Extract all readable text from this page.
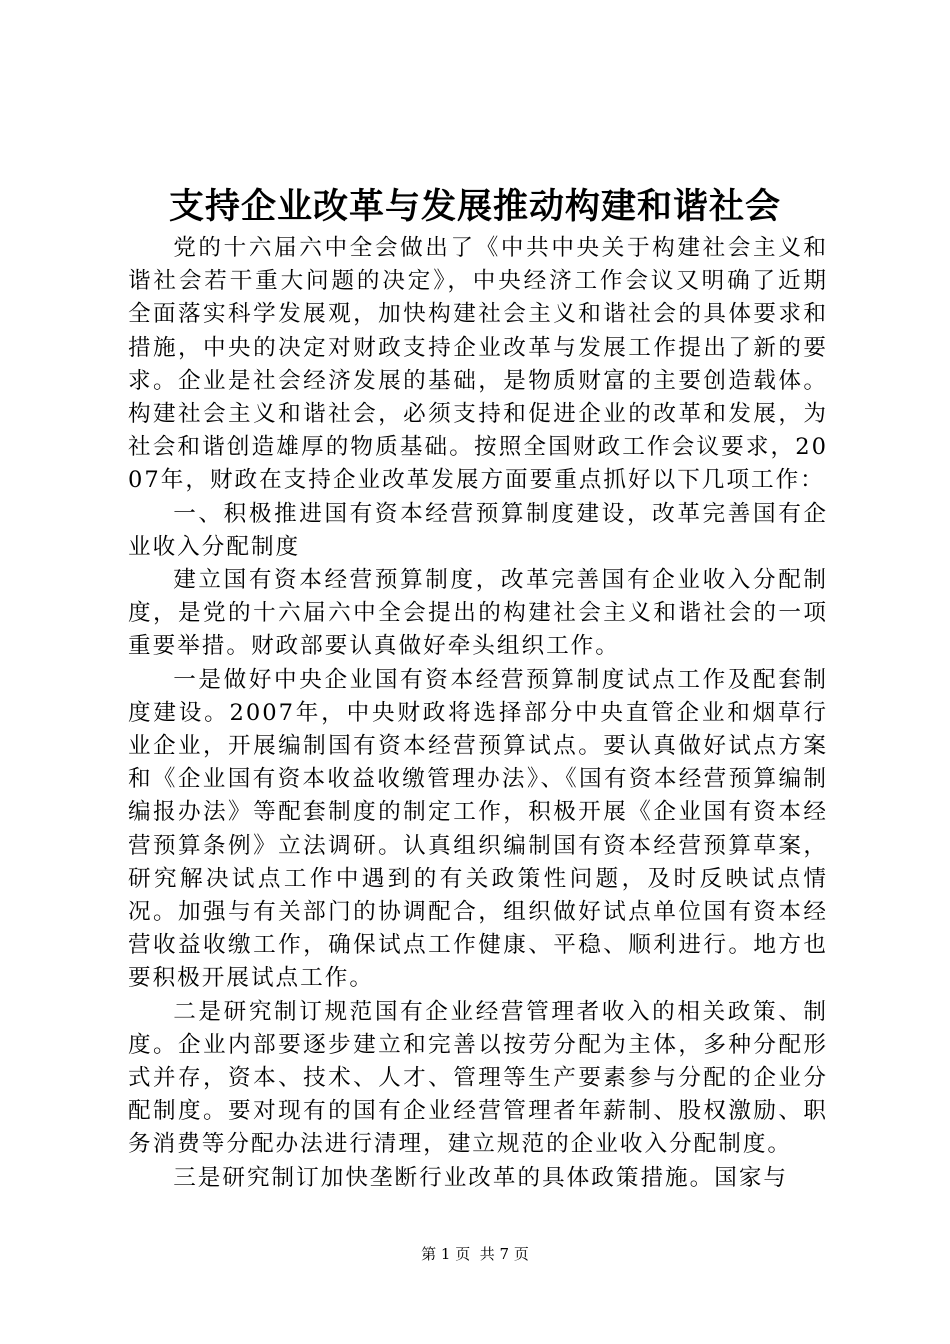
支持企业改革与发展推动构建和谐社会

党的十六届六中全会做出了《中共中央关于构建社会主义和谐社会若干重大问题的决定》，中央经济工作会议又明确了近期全面落实科学发展观，加快构建社会主义和谐社会的具体要求和措施，中央的决定对财政支持企业改革与发展工作提出了新的要求。企业是社会经济发展的基础，是物质财富的主要创造载体。构建社会主义和谐社会，必须支持和促进企业的改革和发展，为社会和谐创造雄厚的物质基础。按照全国财政工作会议要求，2007年，财政在支持企业改革发展方面要重点抓好以下几项工作：

一、积极推进国有资本经营预算制度建设，改革完善国有企业收入分配制度

建立国有资本经营预算制度，改革完善国有企业收入分配制度，是党的十六届六中全会提出的构建社会主义和谐社会的一项重要举措。财政部要认真做好牵头组织工作。

一是做好中央企业国有资本经营预算制度试点工作及配套制度建设。2007年，中央财政将选择部分中央直管企业和烟草行业企业，开展编制国有资本经营预算试点。要认真做好试点方案和《企业国有资本收益收缴管理办法》、《国有资本经营预算编制编报办法》等配套制度的制定工作，积极开展《企业国有资本经营预算条例》立法调研。认真组织编制国有资本经营预算草案，研究解决试点工作中遇到的有关政策性问题，及时反映试点情况。加强与有关部门的协调配合，组织做好试点单位国有资本经营收益收缴工作，确保试点工作健康、平稳、顺利进行。地方也要积极开展试点工作。

二是研究制订规范国有企业经营管理者收入的相关政策、制度。企业内部要逐步建立和完善以按劳分配为主体，多种分配形式并存，资本、技术、人才、管理等生产要素参与分配的企业分配制度。要对现有的国有企业经营管理者年薪制、股权激励、职务消费等分配办法进行清理，建立规范的企业收入分配制度。

三是研究制订加快垄断行业改革的具体政策措施。国家与

第 1 页 共 7 页
